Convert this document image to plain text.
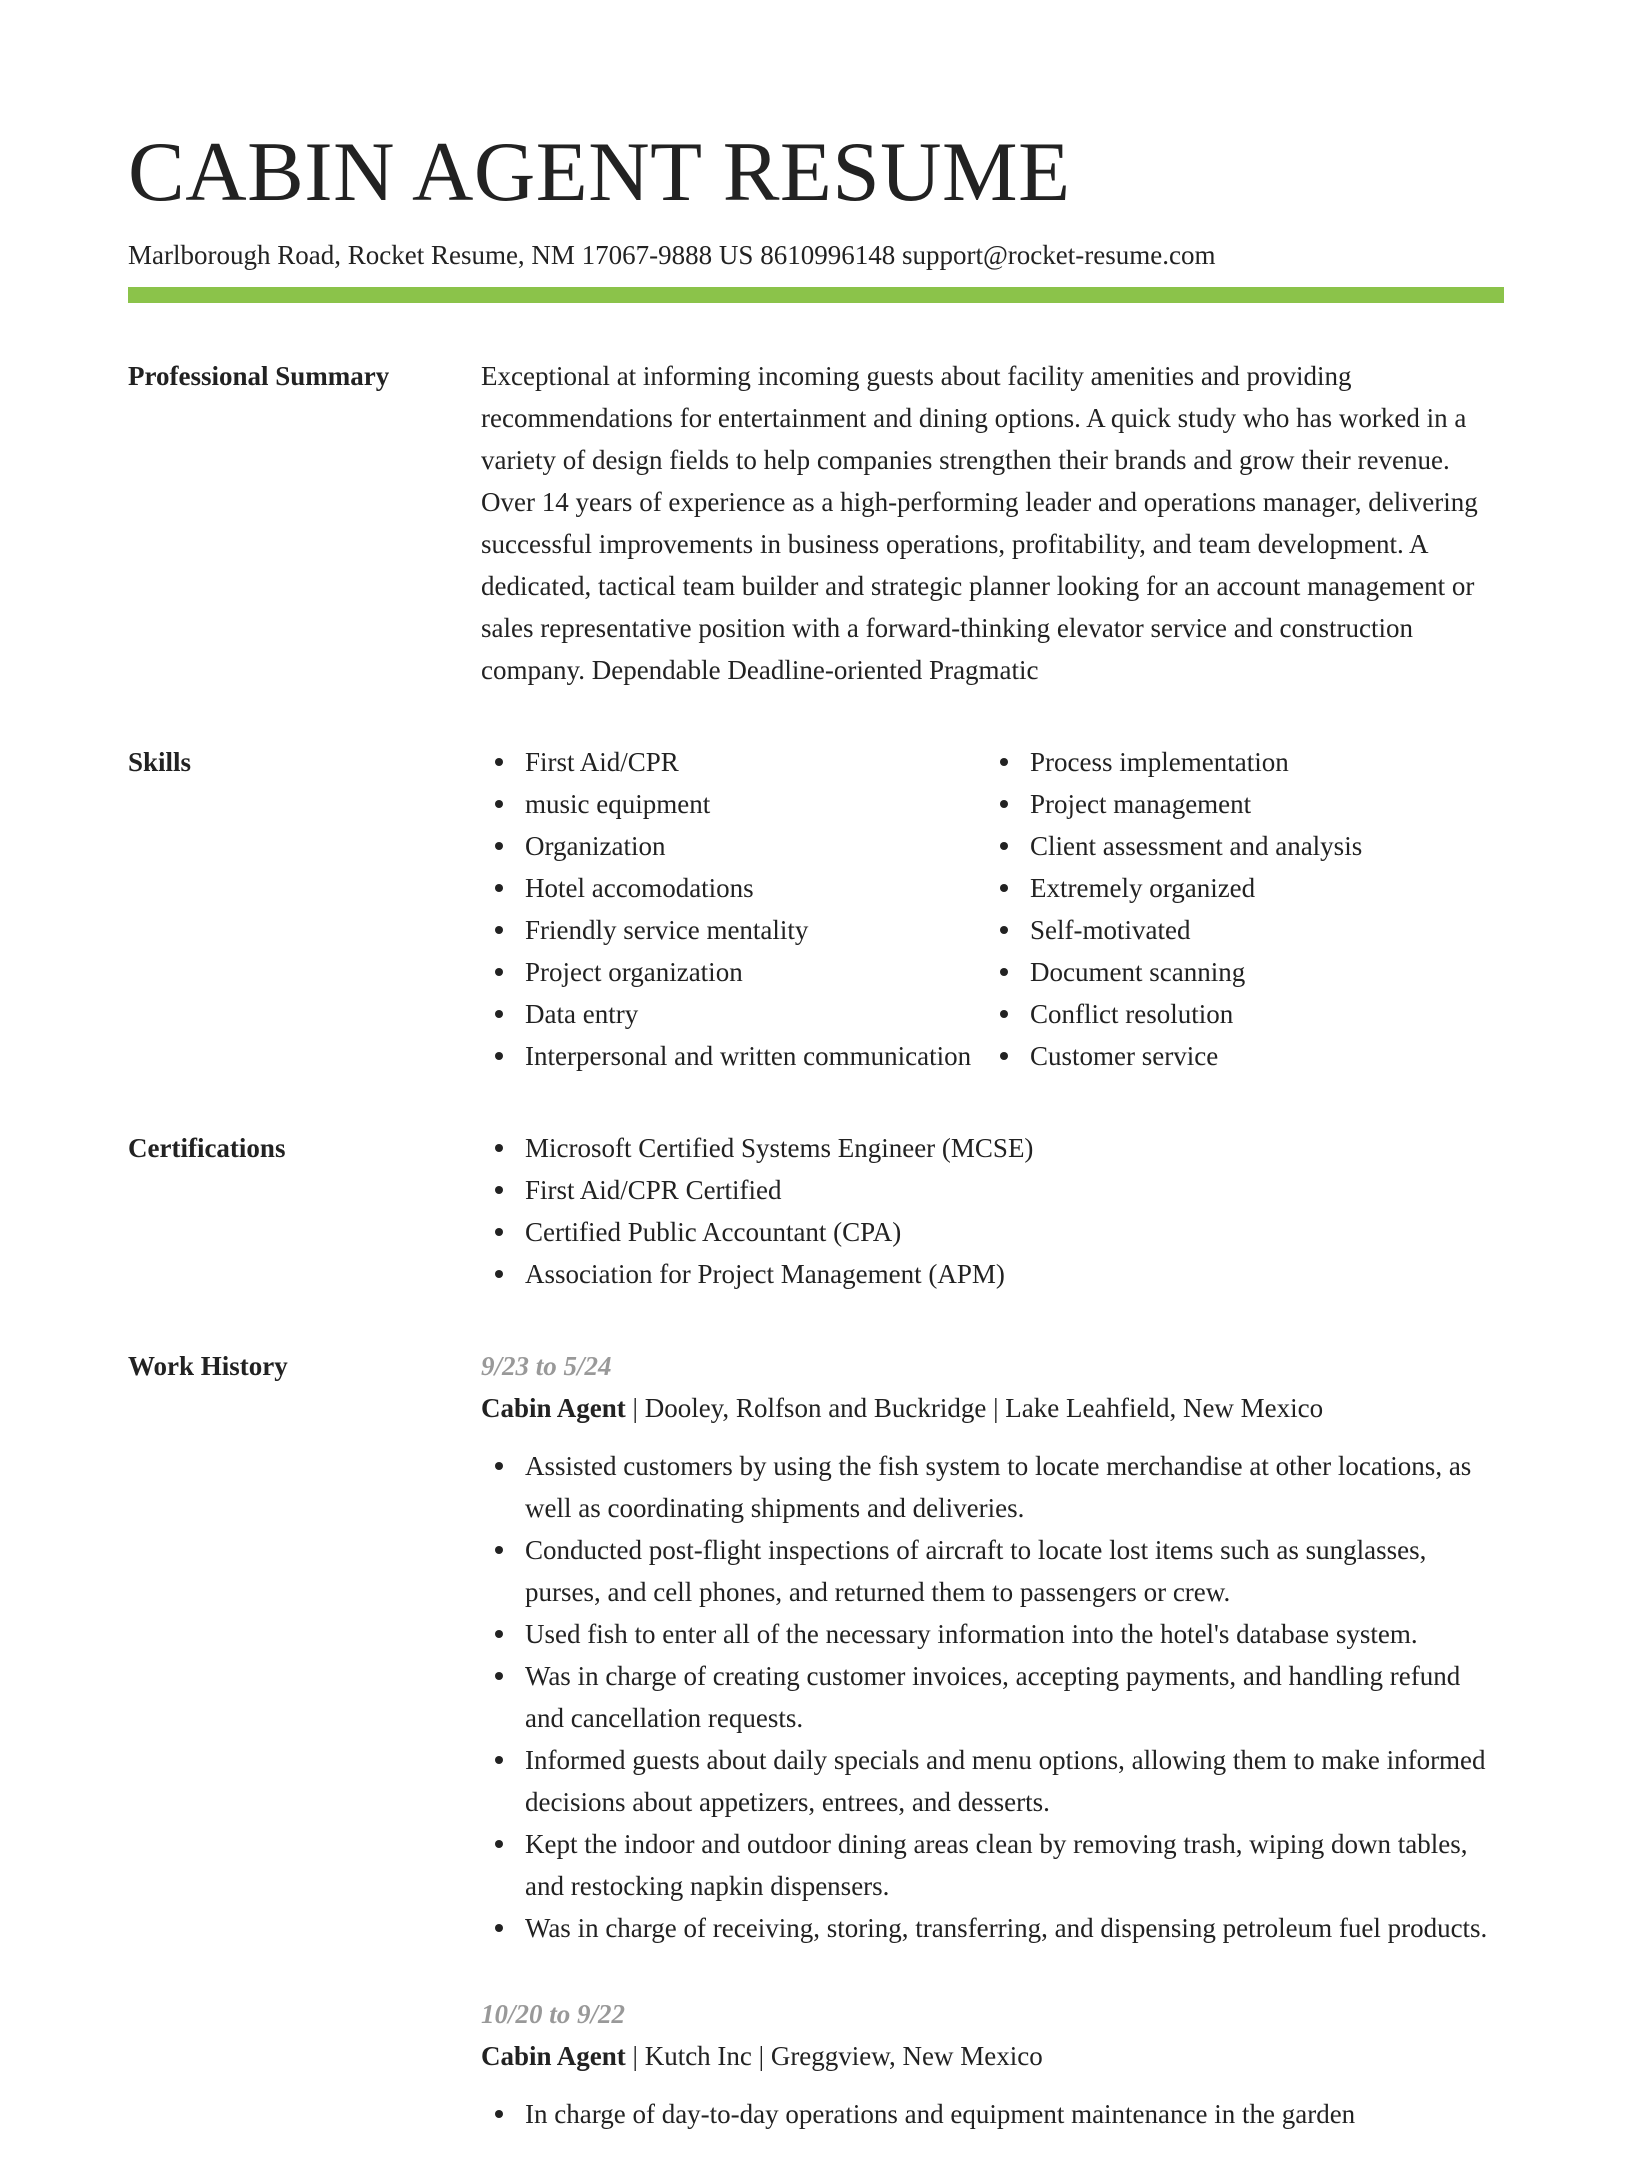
CABIN AGENT RESUME
Marlborough Road, Rocket Resume, NM 17067-9888 US 8610996148 support@rocket-resume.com
Professional Summary	Exceptional at informing incoming guests about facility amenities and providing recommendations for entertainment and dining options. A quick study who has worked in a variety of design fields to help companies strengthen their brands and grow their revenue. Over 14 years of experience as a high-performing leader and operations manager, delivering successful improvements in business operations, profitability, and team development. A dedicated, tactical team builder and strategic planner looking for an account management or sales representative position with a forward-thinking elevator service and construction company. Dependable Deadline-oriented Pragmatic

Skills	First Aid/CPR
music equipment
Organization
Hotel accomodations
Friendly service mentality
Project organization
Data entry
Interpersonal and written communication
Process implementation
Project management
Client assessment and analysis
Extremely organized
Self-motivated
Document scanning
Conflict resolution
Customer service
Certifications	Microsoft Certified Systems Engineer (MCSE)
First Aid/CPR Certified
Certified Public Accountant (CPA)
Association for Project Management (APM)
Work History	9/23 to 5/24
Cabin Agent | Dooley, Rolfson and Buckridge | Lake Leahfield, New Mexico
Assisted customers by using the fish system to locate merchandise at other locations, as well as coordinating shipments and deliveries.
Conducted post-flight inspections of aircraft to locate lost items such as sunglasses, purses, and cell phones, and returned them to passengers or crew.
Used fish to enter all of the necessary information into the hotel's database system.
Was in charge of creating customer invoices, accepting payments, and handling refund and cancellation requests.
Informed guests about daily specials and menu options, allowing them to make informed decisions about appetizers, entrees, and desserts.
Kept the indoor and outdoor dining areas clean by removing trash, wiping down tables, and restocking napkin dispensers.
Was in charge of receiving, storing, transferring, and dispensing petroleum fuel products.
10/20 to 9/22
Cabin Agent | Kutch Inc | Greggview, New Mexico
In charge of day-to-day operations and equipment maintenance in the garden
